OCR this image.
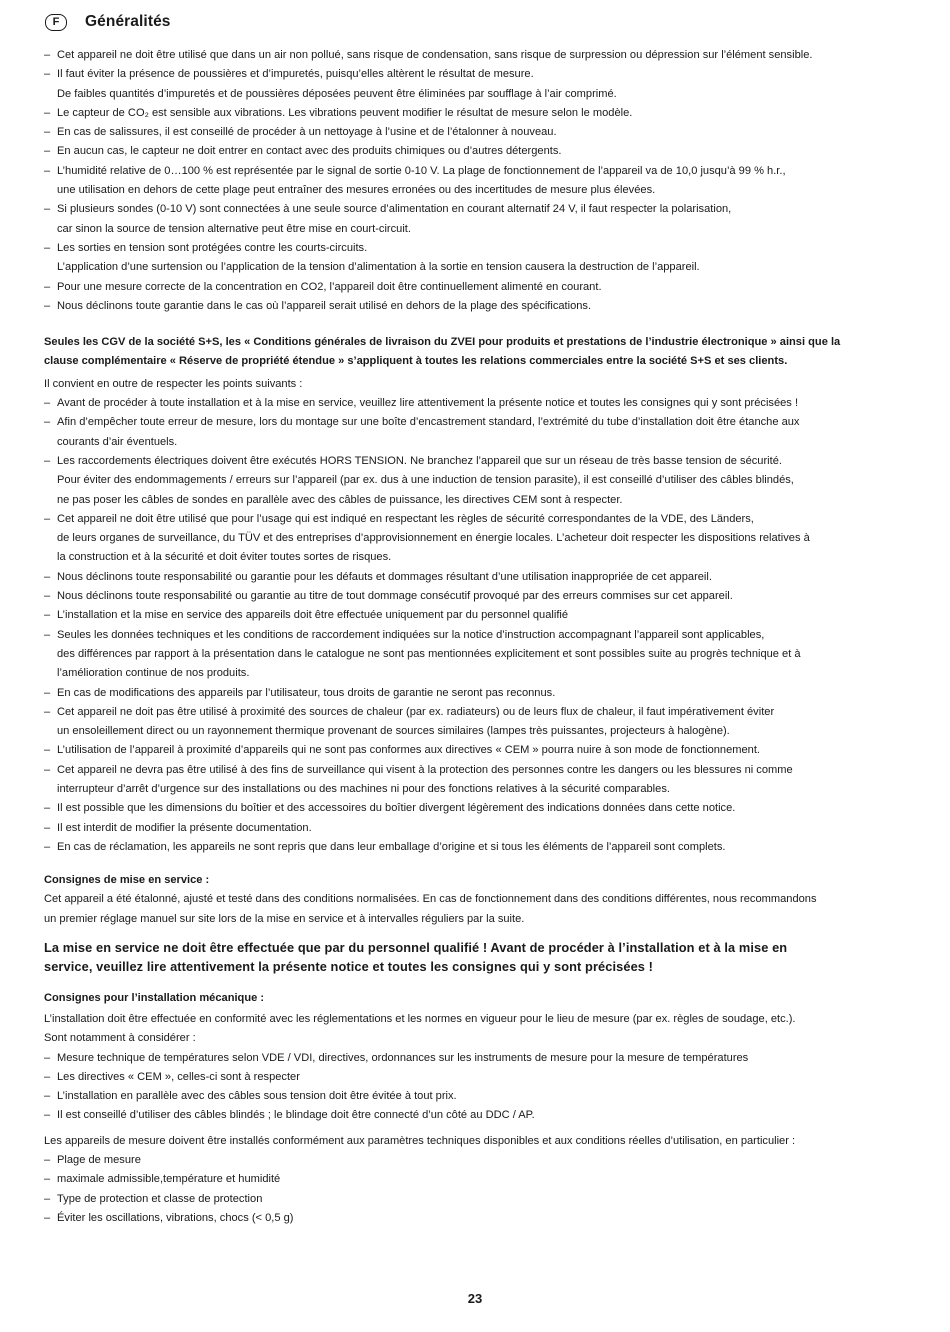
F	Généralités
– Cet appareil ne doit être utilisé que dans un air non pollué, sans risque de condensation, sans risque de surpression ou dépression sur l’élément sensible.
– Il faut éviter la présence de poussières et d’impuretés, puisqu’elles altèrent le résultat de mesure.
De faibles quantités d’impuretés et de poussières déposées peuvent être éliminées par soufflage à l’air comprimé.
– Le capteur de CO₂ est sensible aux vibrations. Les vibrations peuvent modifier le résultat de mesure selon le modèle.
– En cas de salissures, il est conseillé de procéder à un nettoyage à l’usine et de l’étalonner à nouveau.
– En aucun cas, le capteur ne doit entrer en contact avec des produits chimiques ou d’autres détergents.
– L’humidité relative de 0…100 % est représentée par le signal de sortie 0-10 V. La plage de fonctionnement de l’appareil va de 10,0 jusqu’à 99 % h.r.,
une utilisation en dehors de cette plage peut entraîner des mesures erronées ou des incertitudes de mesure plus élevées.
– Si plusieurs sondes (0-10 V) sont connectées à une seule source d’alimentation en courant alternatif 24 V, il faut respecter la polarisation,
car sinon la source de tension alternative peut être mise en court-circuit.
– Les sorties en tension sont protégées contre les courts-circuits.
L’application d’une surtension ou l’application de la tension d’alimentation à la sortie en tension causera la destruction de l’appareil.
– Pour une mesure correcte de la concentration en CO2, l’appareil doit être continuellement alimenté en courant.
– Nous déclinons toute garantie dans le cas où l’appareil serait utilisé en dehors de la plage des spécifications.
Seules les CGV de la société S+S, les « Conditions générales de livraison du ZVEI pour produits et prestations de l’industrie électronique » ainsi que la
clause complémentaire « Réserve de propriété étendue » s’appliquent à toutes les relations commerciales entre la société S+S et ses clients.
Il convient en outre de respecter les points suivants :
– Avant de procéder à toute installation et à la mise en service, veuillez lire attentivement la présente notice et toutes les consignes qui y sont précisées !
– Afin d’empêcher toute erreur de mesure, lors du montage sur une boîte d’encastrement standard, l’extrémité du tube d’installation doit être étanche aux
courants d’air éventuels.
– Les raccordements électriques doivent être exécutés HORS TENSION. Ne branchez l’appareil que sur un réseau de très basse tension de sécurité.
Pour éviter des endommagements / erreurs sur l’appareil (par ex. dus à une induction de tension parasite), il est conseillé d’utiliser des câbles blindés,
ne pas poser les câbles de sondes en parallèle avec des câbles de puissance, les directives CEM sont à respecter.
– Cet appareil ne doit être utilisé que pour l’usage qui est indiqué en respectant les règles de sécurité correspondantes de la VDE, des Länders,
de leurs organes de surveillance, du TÜV et des entreprises d’approvisionnement en énergie locales. L’acheteur doit respecter les dispositions relatives à
la construction et à la sécurité et doit éviter toutes sortes de risques.
– Nous déclinons toute responsabilité ou garantie pour les défauts et dommages résultant d’une utilisation inappropriée de cet appareil.
– Nous déclinons toute responsabilité ou garantie au titre de tout dommage consécutif provoqué par des erreurs commises sur cet appareil.
– L’installation et la mise en service des appareils doit être effectuée uniquement par du personnel qualifié
– Seules les données techniques et les conditions de raccordement indiquées sur la notice d’instruction accompagnant l’appareil sont applicables,
des différences par rapport à la présentation dans le catalogue ne sont pas mentionnées explicitement et sont possibles suite au progrès technique et à
l’amélioration continue de nos produits.
– En cas de modifications des appareils par l’utilisateur, tous droits de garantie ne seront pas reconnus.
– Cet appareil ne doit pas être utilisé à proximité des sources de chaleur (par ex. radiateurs) ou de leurs flux de chaleur, il faut impérativement éviter
un ensoleillement direct ou un rayonnement thermique provenant de sources similaires (lampes très puissantes, projecteurs à halogène).
– L’utilisation de l’appareil à proximité d’appareils qui ne sont pas conformes aux directives « CEM » pourra nuire à son mode de fonctionnement.
– Cet appareil ne devra pas être utilisé à des fins de surveillance qui visent à la protection des personnes contre les dangers ou les blessures ni comme
interrupteur d’arrêt d’urgence sur des installations ou des machines ni pour des fonctions relatives à la sécurité comparables.
– Il est possible que les dimensions du boîtier et des accessoires du boîtier divergent légèrement des indications données dans cette notice.
– Il est interdit de modifier la présente documentation.
– En cas de réclamation, les appareils ne sont repris que dans leur emballage d’origine et si tous les éléments de l’appareil sont complets.
Consignes de mise en service :
Cet appareil a été étalonné, ajusté et testé dans des conditions normalisées. En cas de fonctionnement dans des conditions différentes, nous recommandons
un premier réglage manuel sur site lors de la mise en service et à intervalles réguliers par la suite.
La mise en service ne doit être effectuée que par du personnel qualifié ! Avant de procéder à l’installation et à la mise en
service, veuillez lire attentivement la présente notice et toutes les consignes qui y sont précisées !
Consignes pour l’installation mécanique :
L’installation doit être effectuée en conformité avec les réglementations et les normes en vigueur pour le lieu de mesure (par ex. règles de soudage, etc.).
Sont notamment à considérer :
– Mesure technique de températures selon VDE / VDI, directives, ordonnances sur les instruments de mesure pour la mesure de températures
– Les directives « CEM », celles-ci sont à respecter
– L’installation en parallèle avec des câbles sous tension doit être évitée à tout prix.
– Il est conseillé d’utiliser des câbles blindés ; le blindage doit être connecté d’un côté au DDC / AP.
Les appareils de mesure doivent être installés conformément aux paramètres techniques disponibles et aux conditions réelles d’utilisation, en particulier :
– Plage de mesure
– maximale admissible,température et humidité
– Type de protection et classe de protection
– Éviter les oscillations, vibrations, chocs (< 0,5 g)
23
